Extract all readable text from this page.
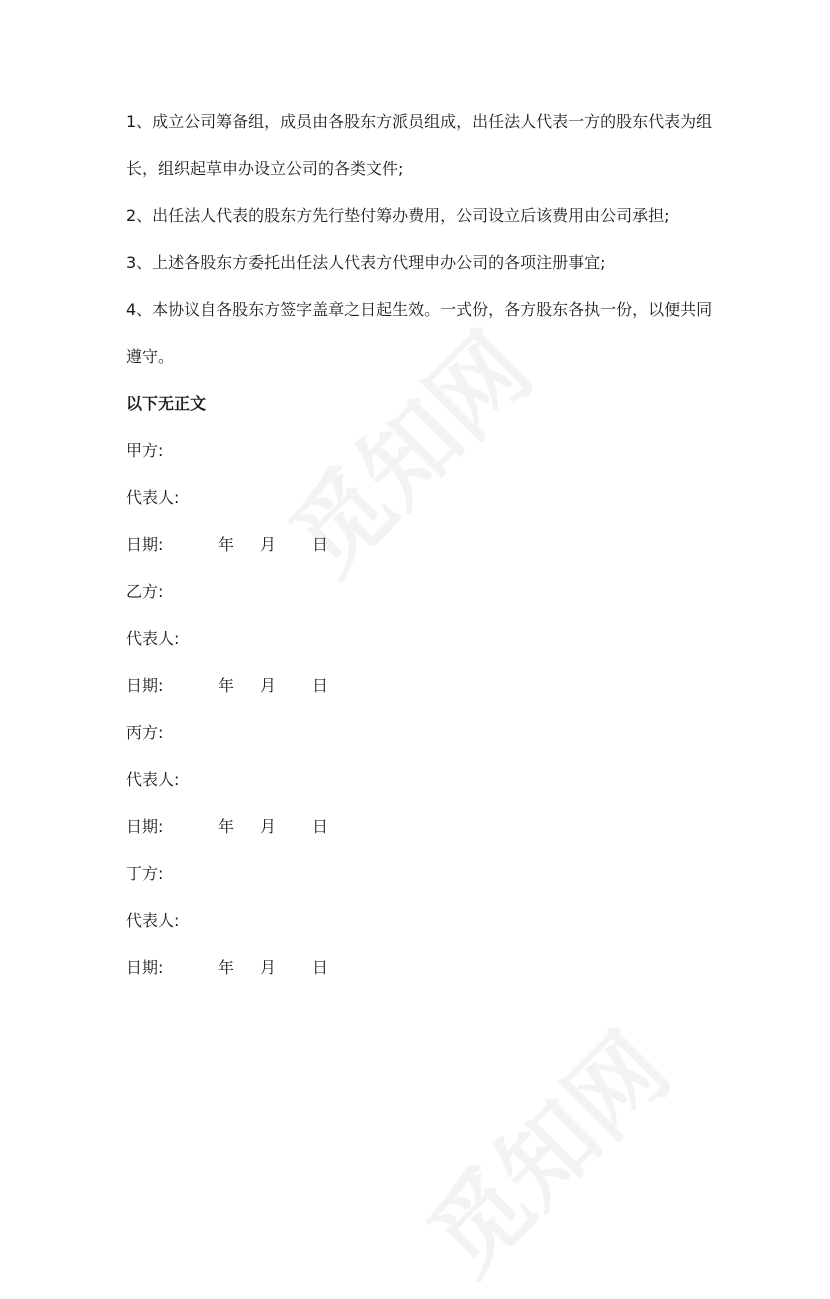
1、成立公司筹备组，成员由各股东方派员组成，出任法人代表一方的股东代表为组长，组织起草申办设立公司的各类文件;

2、出任法人代表的股东方先行垫付筹办费用，公司设立后该费用由公司承担;

3、上述各股东方委托出任法人代表方代理申办公司的各项注册事宜;

4、本协议自各股东方签字盖章之日起生效。一式份，各方股东各执一份，以便共同遵守。

以下无正文

甲方:

代表人:

日期:	年 月 日

乙方:

代表人:

日期:	年 月 日

丙方:

代表人:

日期:	年 月 日

丁方:

代表人:

日期:	年 月 日
